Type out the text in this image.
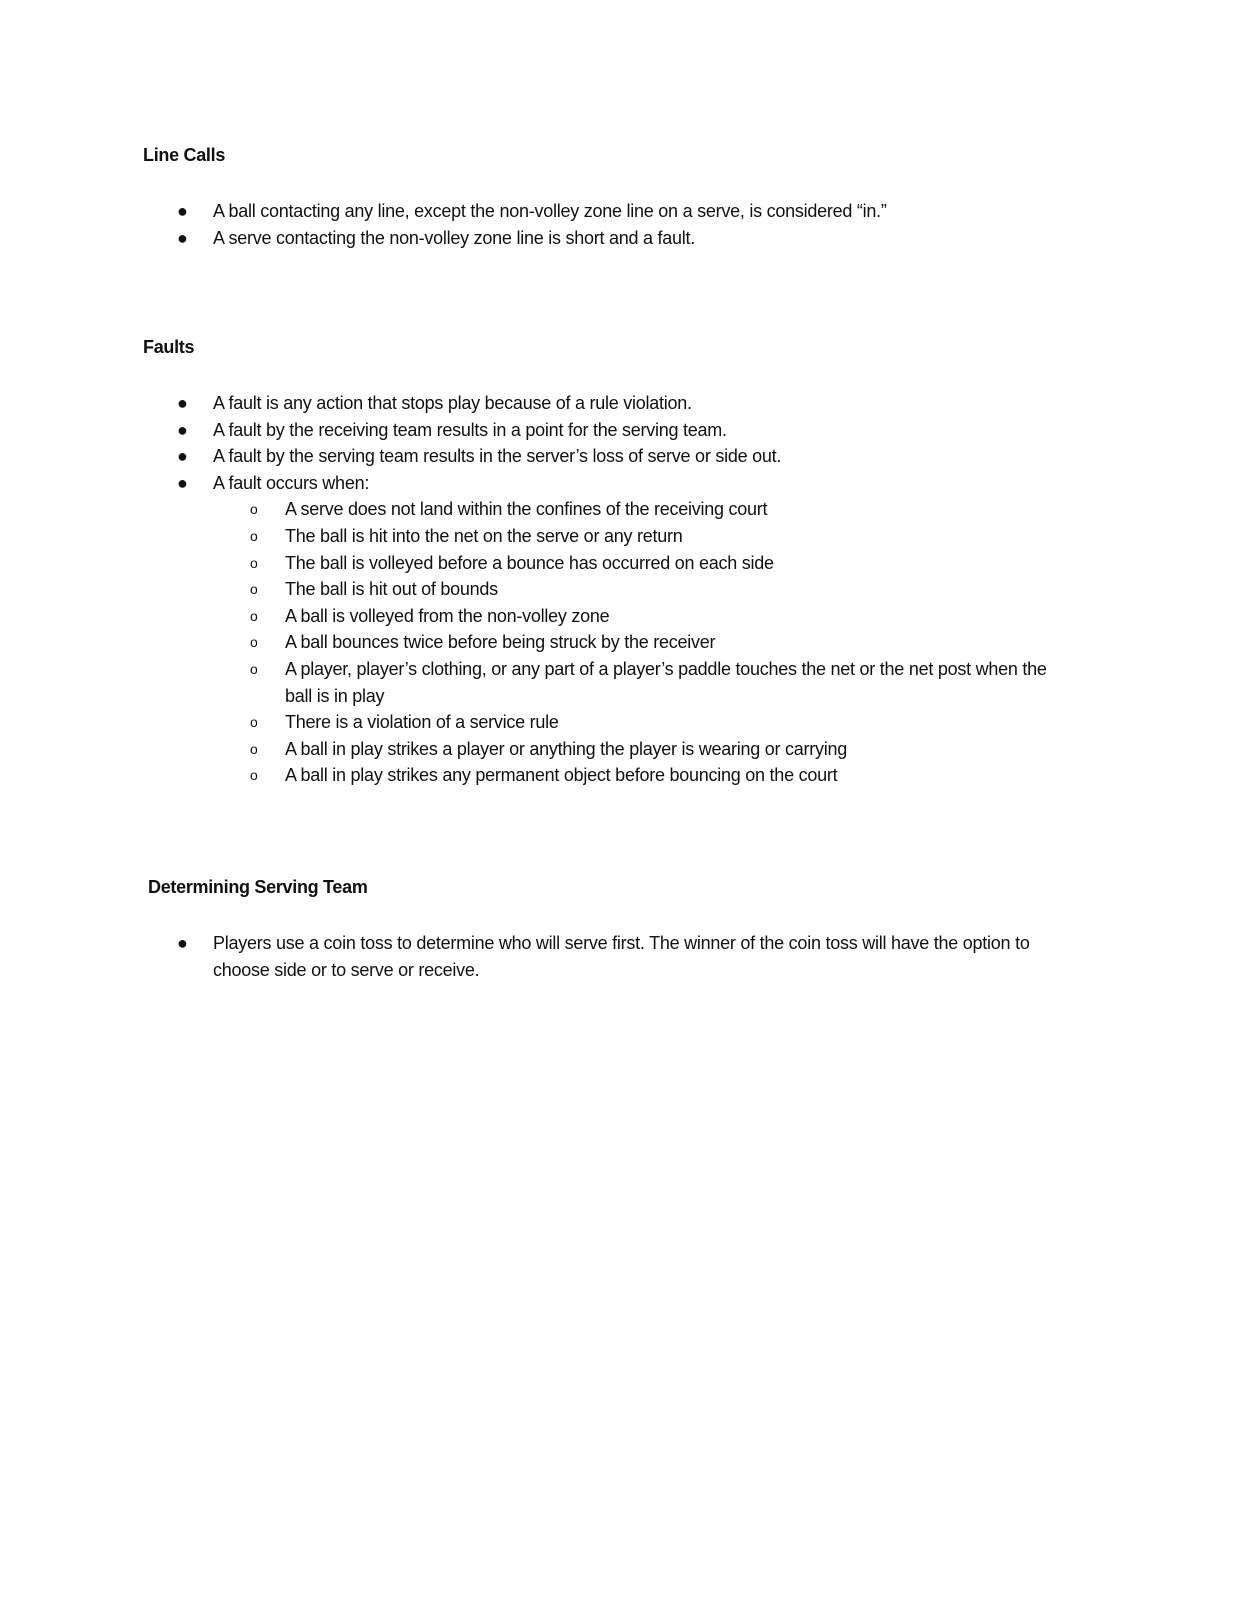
Line Calls
● A ball contacting any line, except the non-volley zone line on a serve, is considered “in.”
● A serve contacting the non-volley zone line is short and a fault.
Faults
● A fault is any action that stops play because of a rule violation.
● A fault by the receiving team results in a point for the serving team.
● A fault by the serving team results in the server’s loss of serve or side out.
● A fault occurs when:
o A serve does not land within the confines of the receiving court
o The ball is hit into the net on the serve or any return
o The ball is volleyed before a bounce has occurred on each side
o The ball is hit out of bounds
o A ball is volleyed from the non-volley zone
o A ball bounces twice before being struck by the receiver
o A player, player’s clothing, or any part of a player’s paddle touches the net or the net post when the ball is in play
o There is a violation of a service rule
o A ball in play strikes a player or anything the player is wearing or carrying
o A ball in play strikes any permanent object before bouncing on the court
Determining Serving Team
● Players use a coin toss to determine who will serve first. The winner of the coin toss will have the option to choose side or to serve or receive.
